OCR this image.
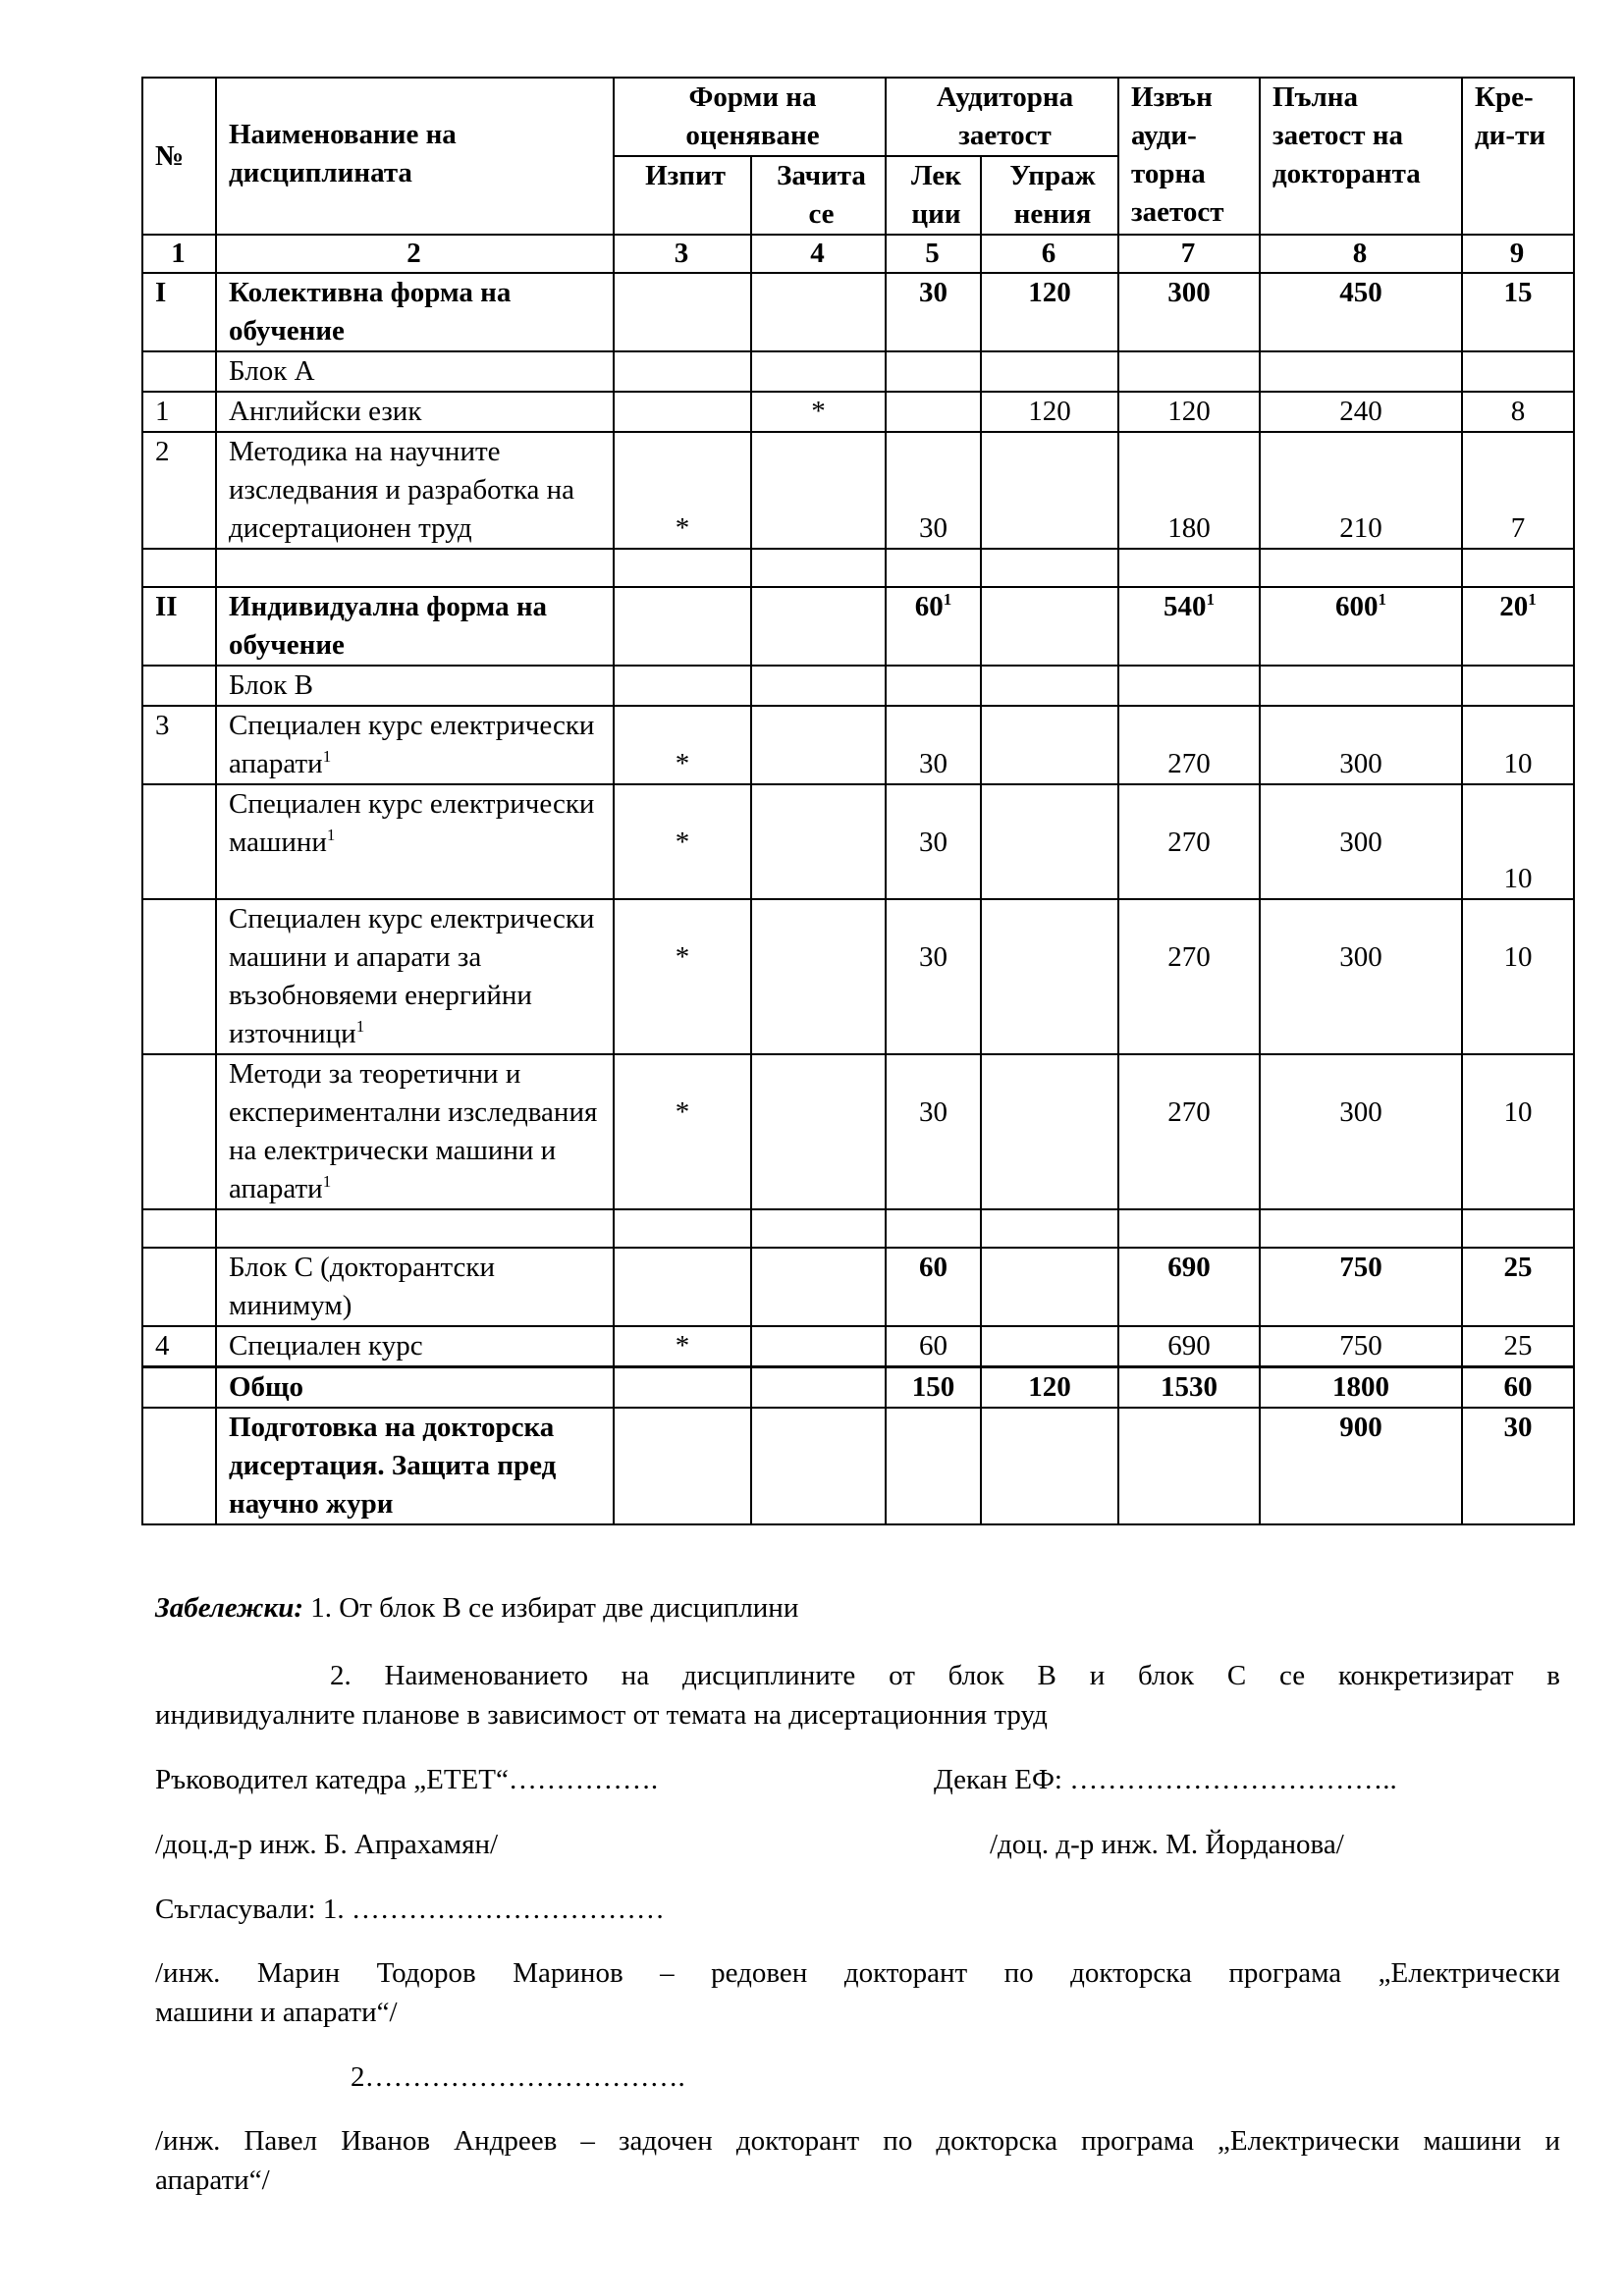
№	Наименование на дисциплината	Форми на оценяване		Аудиторна заетост		Извън ауди-торна заетост	Пълна заетост на докторанта	Кре-ди-ти
		Изпит	Зачита се	Лек ции	Упраж нения			
1	2	3	4	5	6	7	8	9
I	Колективна форма на обучение			30	120	300	450	15
	Блок А							
1	Английски език		*		120	120	240	8
2	Методика на научните изследвания и разработка на дисертационен труд	*		30		180	210	7

II	Индивидуална форма на обучение			$60^1$		$540^1$	$600^1$	$20^1$
	Блок В							
3	Специален курс електрически апарати$^1$	*		30		270	300	10
	Специален курс електрически машини$^1$	*		30		270	300	10
	Специален курс електрически машини и апарати за възобновяеми енергийни източници$^1$	*		30		270	300	10
	Методи за теоретични и експериментални изследвания на електрически машини и апарати$^1$	*		30		270	300	10

	Блок С (докторантски минимум)			60		690	750	25
4	Специален курс	*		60		690	750	25
	Общо			150	120	1530	1800	60
	Подготовка на докторска дисертация. Защита пред научно жури						900	30
Забележки: 1. От блок В се избират две дисциплини
2. Наименованието на дисциплините от блок В и блок С се конкретизират в
индивидуалните планове в зависимост от темата на дисертационния труд
Ръководител катедра „ЕТЕТ“…………….	Декан ЕФ: ……………………………..
/доц.д-р инж. Б. Апрахамян/	/доц. д-р инж. М. Йорданова/
Съгласували: 1. ……………………………
/инж. Марин Тодоров Маринов – редовен докторант по докторска програма „Електрически
машини и апарати“/
2…………………………….
/инж. Павел Иванов Андреев – задочен докторант по докторска програма „Електрически машини и
апарати“/
